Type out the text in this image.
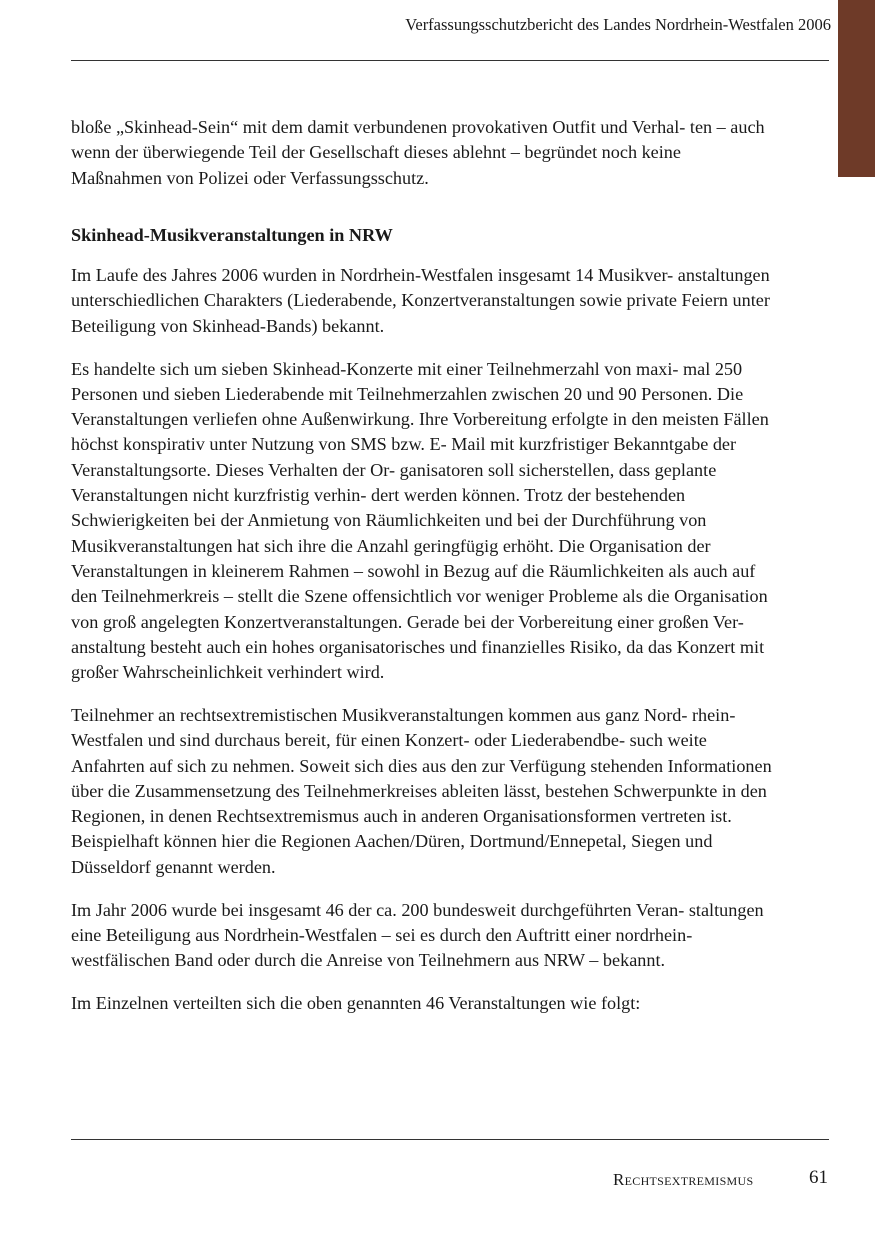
Verfassungsschutzbericht des Landes Nordrhein-Westfalen 2006

bloße „Skinhead-Sein“ mit dem damit verbundenen provokativen Outfit und Verhal- ten – auch wenn der überwiegende Teil der Gesellschaft dieses ablehnt – begründet noch keine Maßnahmen von Polizei oder Verfassungsschutz.

Skinhead-Musikveranstaltungen in NRW

Im Laufe des Jahres 2006 wurden in Nordrhein-Westfalen insgesamt 14 Musikver- anstaltungen unterschiedlichen Charakters (Liederabende, Konzertveranstaltungen sowie private Feiern unter Beteiligung von Skinhead-Bands) bekannt.

Es handelte sich um sieben Skinhead-Konzerte mit einer Teilnehmerzahl von maxi- mal 250 Personen und sieben Liederabende mit Teilnehmerzahlen zwischen 20 und 90 Personen. Die Veranstaltungen verliefen ohne Außenwirkung. Ihre Vorbereitung erfolgte in den meisten Fällen höchst konspirativ unter Nutzung von SMS bzw. E- Mail mit kurzfristiger Bekanntgabe der Veranstaltungsorte. Dieses Verhalten der Or- ganisatoren soll sicherstellen, dass geplante Veranstaltungen nicht kurzfristig verhin- dert werden können. Trotz der bestehenden Schwierigkeiten bei der Anmietung von Räumlichkeiten und bei der Durchführung von Musikveranstaltungen hat sich ihre die Anzahl geringfügig erhöht. Die Organisation der Veranstaltungen in kleinerem Rahmen – sowohl in Bezug auf die Räumlichkeiten als auch auf den Teilnehmerkreis – stellt die Szene offensichtlich vor weniger Probleme als die Organisation von groß angelegten Konzertveranstaltungen. Gerade bei der Vorbereitung einer großen Ver- anstaltung besteht auch ein hohes organisatorisches und finanzielles Risiko, da das Konzert mit großer Wahrscheinlichkeit verhindert wird.

Teilnehmer an rechtsextremistischen Musikveranstaltungen kommen aus ganz Nord- rhein-Westfalen und sind durchaus bereit, für einen Konzert- oder Liederabendbe- such weite Anfahrten auf sich zu nehmen. Soweit sich dies aus den zur Verfügung stehenden Informationen über die Zusammensetzung des Teilnehmerkreises ableiten lässt, bestehen Schwerpunkte in den Regionen, in denen Rechtsextremismus auch in anderen Organisationsformen vertreten ist. Beispielhaft können hier die Regionen Aachen/Düren, Dortmund/Ennepetal, Siegen und Düsseldorf genannt werden.

Im Jahr 2006 wurde bei insgesamt 46 der ca. 200 bundesweit durchgeführten Veran- staltungen eine Beteiligung aus Nordrhein-Westfalen – sei es durch den Auftritt einer nordrhein-westfälischen Band oder durch die Anreise von Teilnehmern aus NRW – bekannt.

Im Einzelnen verteilten sich die oben genannten 46 Veranstaltungen wie folgt:

Rechtsextremismus	61
